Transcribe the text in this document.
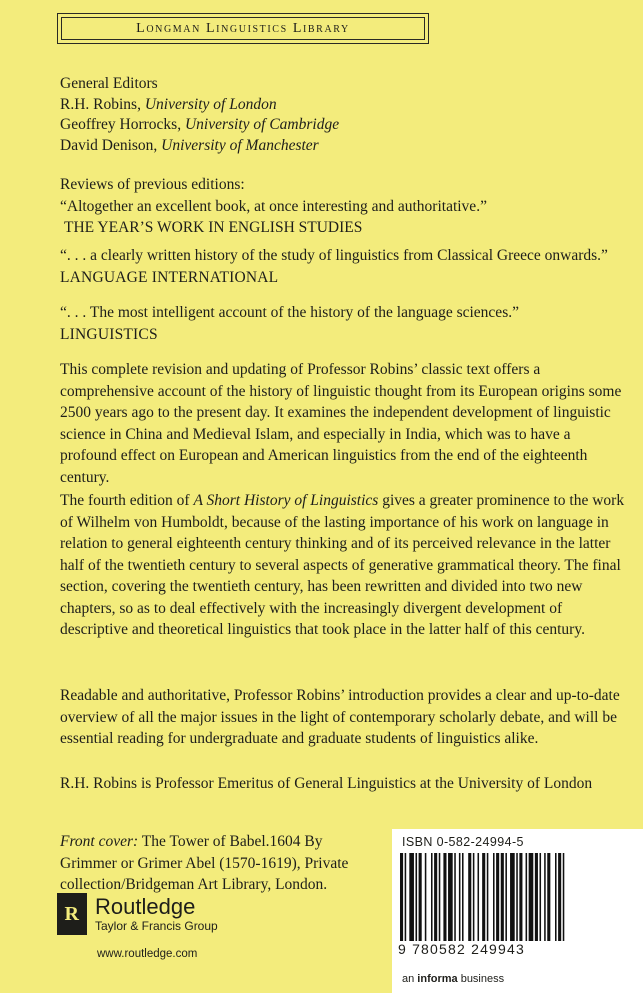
Longman Linguistics Library
General Editors
R.H. Robins, University of London
Geoffrey Horrocks, University of Cambridge
David Denison, University of Manchester

Reviews of previous editions:

“Altogether an excellent book, at once interesting and authoritative.”

THE YEAR’S WORK IN ENGLISH STUDIES

“. . . a clearly written history of the study of linguistics from Classical Greece onwards.”  LANGUAGE INTERNATIONAL

“. . . The most intelligent account of the history of the language sciences.” LINGUISTICS

This complete revision and updating of Professor Robins’ classic text offers a comprehensive account of the history of linguistic thought from its European origins some 2500 years ago to the present day. It examines the independent development of linguistic science in China and Medieval Islam, and especially in India, which was to have a profound effect on European and American linguistics from the end of the eighteenth century.

The fourth edition of A Short History of Linguistics gives a greater prominence to the work of Wilhelm von Humboldt, because of the lasting importance of his work on language in relation to general eighteenth century thinking and of its perceived relevance in the latter half of the twentieth century to several aspects of generative grammatical theory. The final section, covering the twentieth century, has been rewritten and divided into two new chapters, so as to deal effectively with the increasingly divergent development of descriptive and theoretical linguistics that took place in the latter half of this century.

Readable and authoritative, Professor Robins’ introduction provides a clear and up-to-date overview of all the major issues in the light of contemporary scholarly debate, and will be essential reading for undergraduate and graduate students of linguistics alike.

R.H. Robins is Professor Emeritus of General Linguistics at the University of London

Front cover: The Tower of Babel.1604 By Grimmer or Grimer Abel (1570-1619), Private collection/Bridgeman Art Library, London.
R Routledge
Taylor & Francis Group
www.routledge.com
ISBN 0-582-24994-5
9 780582 249943
an informa business
